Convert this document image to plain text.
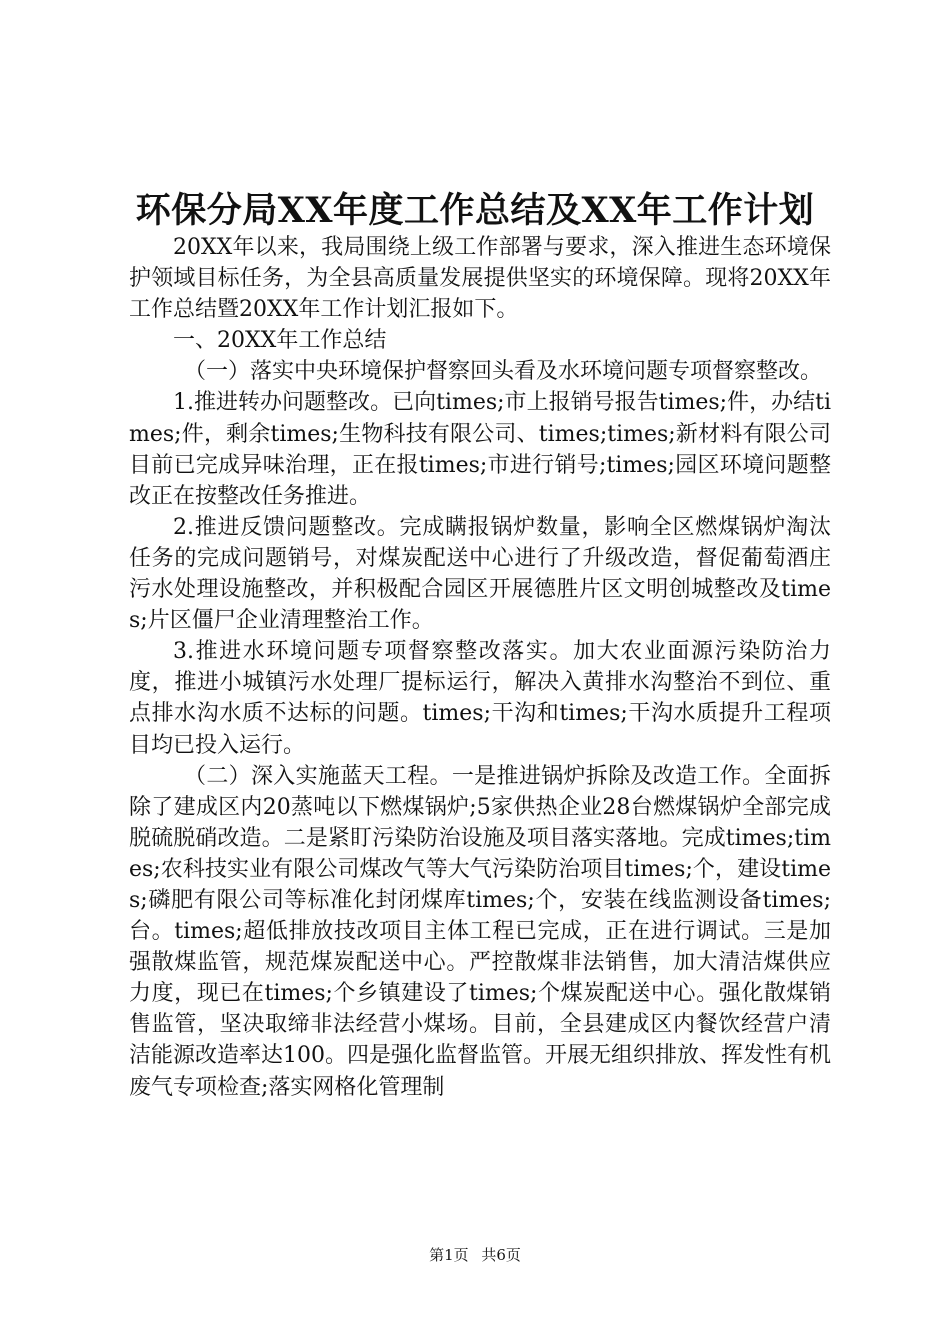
环保分局XX年度工作总结及XX年工作计划

20XX年以来，我局围绕上级工作部署与要求，深入推进生态环境保护领域目标任务，为全县高质量发展提供坚实的环境保障。现将20XX年工作总结暨20XX年工作计划汇报如下。

一、20XX年工作总结

（一）落实中央环境保护督察回头看及水环境问题专项督察整改。

1.推进转办问题整改。已向times;市上报销号报告times;件，办结times;件，剩余times;生物科技有限公司、times;times;新材料有限公司目前已完成异味治理，正在报times;市进行销号;times;园区环境问题整改正在按整改任务推进。

2.推进反馈问题整改。完成瞒报锅炉数量，影响全区燃煤锅炉淘汰任务的完成问题销号，对煤炭配送中心进行了升级改造，督促葡萄酒庄污水处理设施整改，并积极配合园区开展德胜片区文明创城整改及times;片区僵尸企业清理整治工作。

3.推进水环境问题专项督察整改落实。加大农业面源污染防治力度，推进小城镇污水处理厂提标运行，解决入黄排水沟整治不到位、重点排水沟水质不达标的问题。times;干沟和times;干沟水质提升工程项目均已投入运行。

（二）深入实施蓝天工程。一是推进锅炉拆除及改造工作。全面拆除了建成区内20蒸吨以下燃煤锅炉;5家供热企业28台燃煤锅炉全部完成脱硫脱硝改造。二是紧盯污染防治设施及项目落实落地。完成times;times;农科技实业有限公司煤改气等大气污染防治项目times;个，建设times;磷肥有限公司等标准化封闭煤库times;个，安装在线监测设备times;台。times;超低排放技改项目主体工程已完成，正在进行调试。三是加强散煤监管，规范煤炭配送中心。严控散煤非法销售，加大清洁煤供应力度，现已在times;个乡镇建设了times;个煤炭配送中心。强化散煤销售监管，坚决取缔非法经营小煤场。目前，全县建成区内餐饮经营户清洁能源改造率达100。四是强化监督监管。开展无组织排放、挥发性有机废气专项检查;落实网格化管理制

第1页 共6页
